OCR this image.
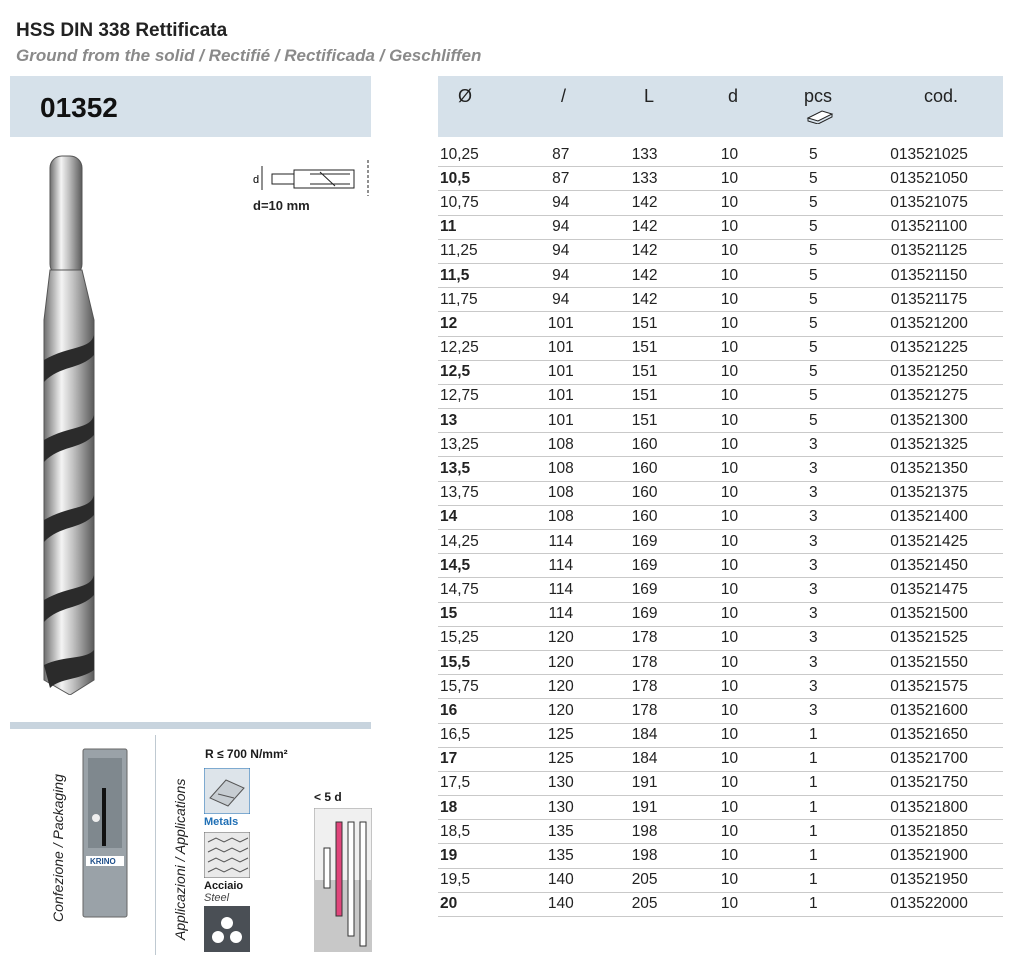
HSS DIN 338 Rettificata
Ground from the solid / Rectifié / Rectificada / Geschliffen
01352
d
d=10 mm
Confezione / Packaging	KRINO	Applicazioni / Applications
R ≤ 700 N/mm²
Metals
Acciaio
Steel
< 5 d
Ø	/	L	d	pcs	cod.
10,25	87	133	10	5	013521025
10,5	87	133	10	5	013521050
10,75	94	142	10	5	013521075
11	94	142	10	5	013521100
11,25	94	142	10	5	013521125
11,5	94	142	10	5	013521150
11,75	94	142	10	5	013521175
12	101	151	10	5	013521200
12,25	101	151	10	5	013521225
12,5	101	151	10	5	013521250
12,75	101	151	10	5	013521275
13	101	151	10	5	013521300
13,25	108	160	10	3	013521325
13,5	108	160	10	3	013521350
13,75	108	160	10	3	013521375
14	108	160	10	3	013521400
14,25	114	169	10	3	013521425
14,5	114	169	10	3	013521450
14,75	114	169	10	3	013521475
15	114	169	10	3	013521500
15,25	120	178	10	3	013521525
15,5	120	178	10	3	013521550
15,75	120	178	10	3	013521575
16	120	178	10	3	013521600
16,5	125	184	10	1	013521650
17	125	184	10	1	013521700
17,5	130	191	10	1	013521750
18	130	191	10	1	013521800
18,5	135	198	10	1	013521850
19	135	198	10	1	013521900
19,5	140	205	10	1	013521950
20	140	205	10	1	013522000
